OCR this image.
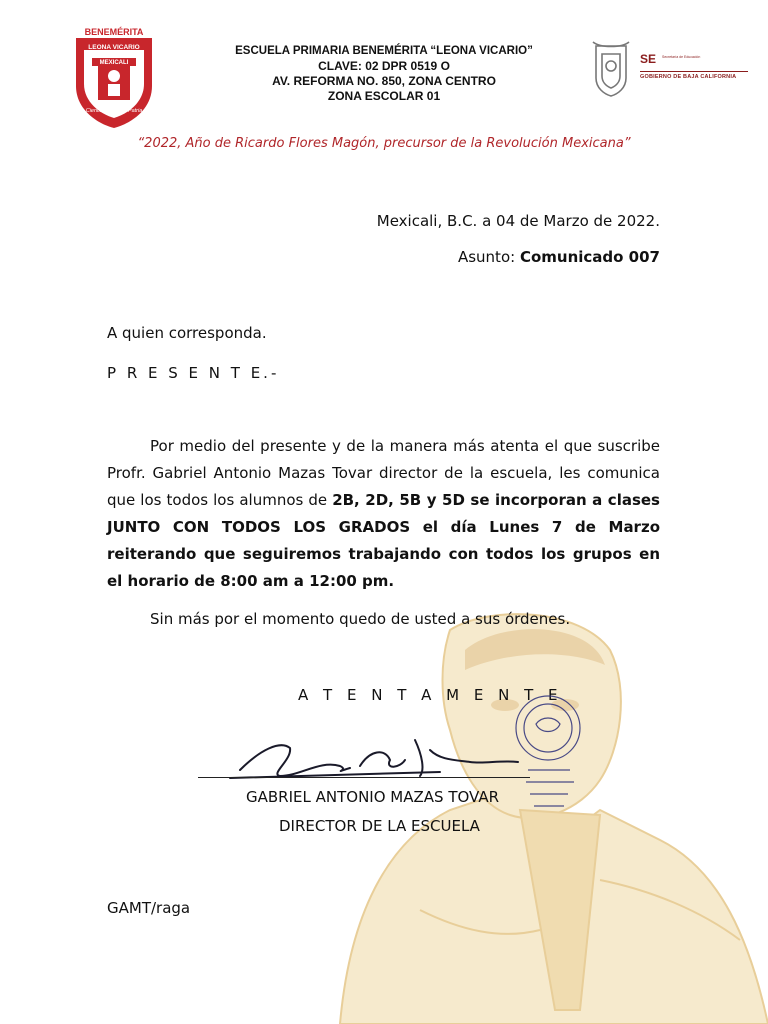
BENEMÉRITA
LEONA VICARIO
MEXICALI
Ciencia, Honor y Patria
ESCUELA PRIMARIA BENEMÉRITA “LEONA VICARIO”
CLAVE: 02 DPR 0519 O
AV. REFORMA NO. 850, ZONA CENTRO
ZONA ESCOLAR 01
SE Secretaría de Educación
GOBIERNO DE BAJA CALIFORNIA
“2022, Año de Ricardo Flores Magón, precursor de la Revolución Mexicana”
Mexicali, B.C. a 04 de Marzo de 2022.
Asunto: Comunicado 007
A quien corresponda.
P R E S E N T E.-
Por medio del presente y de la manera más atenta el que suscribe Profr. Gabriel Antonio Mazas Tovar director de la escuela, les comunica que los todos los alumnos de 2B, 2D, 5B y 5D se incorporan a clases JUNTO CON TODOS LOS GRADOS el día Lunes 7 de Marzo reiterando que seguiremos trabajando con todos los grupos en el horario de 8:00 am a 12:00 pm.
Sin más por el momento quedo de usted a sus órdenes.
A T E N T A M E N T E
GABRIEL ANTONIO MAZAS TOVAR
DIRECTOR DE LA ESCUELA
GAMT/raga
